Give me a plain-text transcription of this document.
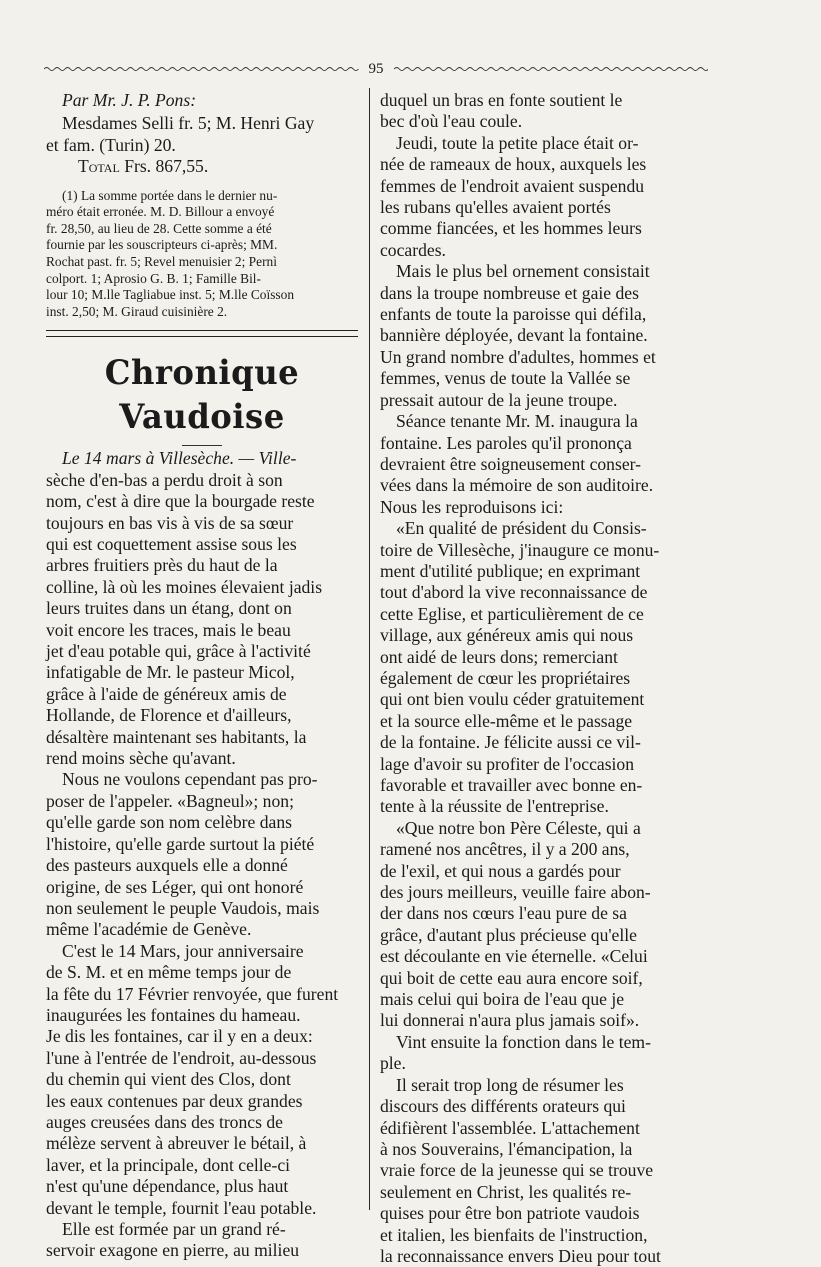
95
Par Mr. J. P. Pons:
Mesdames Selli fr. 5; M. Henri Gay
et fam. (Turin) 20.
Total Frs. 867,55.
(1) La somme portée dans le dernier nu-
méro était erronée. M. D. Billour a envoyé
fr. 28,50, au lieu de 28. Cette somme a été
fournie par les souscripteurs ci-après; MM.
Rochat past. fr. 5; Revel menuisier 2; Pernì
colport. 1; Aprosio G. B. 1; Famille Bil-
lour 10; M.lle Tagliabue inst. 5; M.lle Coïsson
inst. 2,50; M. Giraud cuisinière 2.
Chronique Vaudoise
Le 14 mars à Villesèche. — Ville-
sèche d'en-bas a perdu droit à son
nom, c'est à dire que la bourgade reste
toujours en bas vis à vis de sa sœur
qui est coquettement assise sous les
arbres fruitiers près du haut de la
colline, là où les moines élevaient jadis
leurs truites dans un étang, dont on
voit encore les traces, mais le beau
jet d'eau potable qui, grâce à l'activité
infatigable de Mr. le pasteur Micol,
grâce à l'aide de généreux amis de
Hollande, de Florence et d'ailleurs,
désaltère maintenant ses habitants, la
rend moins sèche qu'avant.
Nous ne voulons cependant pas pro-
poser de l'appeler. «Bagneul»; non;
qu'elle garde son nom celèbre dans
l'histoire, qu'elle garde surtout la piété
des pasteurs auxquels elle a donné
origine, de ses Léger, qui ont honoré
non seulement le peuple Vaudois, mais
même l'académie de Genève.
C'est le 14 Mars, jour anniversaire
de S. M. et en même temps jour de
la fête du 17 Février renvoyée, que furent
inaugurées les fontaines du hameau.
Je dis les fontaines, car il y en a deux:
l'une à l'entrée de l'endroit, au-dessous
du chemin qui vient des Clos, dont
les eaux contenues par deux grandes
auges creusées dans des troncs de
mélèze servent à abreuver le bétail, à
laver, et la principale, dont celle-ci
n'est qu'une dépendance, plus haut
devant le temple, fournit l'eau potable.
Elle est formée par un grand ré-
servoir exagone en pierre, au milieu
duquel un bras en fonte soutient le
bec d'où l'eau coule.
Jeudi, toute la petite place était or-
née de rameaux de houx, auxquels les
femmes de l'endroit avaient suspendu
les rubans qu'elles avaient portés
comme fiancées, et les hommes leurs
cocardes.
Mais le plus bel ornement consistait
dans la troupe nombreuse et gaie des
enfants de toute la paroisse qui défila,
bannière déployée, devant la fontaine.
Un grand nombre d'adultes, hommes et
femmes, venus de toute la Vallée se
pressait autour de la jeune troupe.
Séance tenante Mr. M. inaugura la
fontaine. Les paroles qu'il prononça
devraient être soigneusement conser-
vées dans la mémoire de son auditoire.
Nous les reproduisons ici:
«En qualité de président du Consis-
toire de Villesèche, j'inaugure ce monu-
ment d'utilité publique; en exprimant
tout d'abord la vive reconnaissance de
cette Eglise, et particulièrement de ce
village, aux généreux amis qui nous
ont aidé de leurs dons; remerciant
également de cœur les propriétaires
qui ont bien voulu céder gratuitement
et la source elle-même et le passage
de la fontaine. Je félicite aussi ce vil-
lage d'avoir su profiter de l'occasion
favorable et travailler avec bonne en-
tente à la réussite de l'entreprise.
«Que notre bon Père Céleste, qui a
ramené nos ancêtres, il y a 200 ans,
de l'exil, et qui nous a gardés pour
des jours meilleurs, veuille faire abon-
der dans nos cœurs l'eau pure de sa
grâce, d'autant plus précieuse qu'elle
est découlante en vie éternelle. «Celui
qui boit de cette eau aura encore soif,
mais celui qui boira de l'eau que je
lui donnerai n'aura plus jamais soif».
Vint ensuite la fonction dans le tem-
ple.
Il serait trop long de résumer les
discours des différents orateurs qui
édifièrent l'assemblée. L'attachement
à nos Souverains, l'émancipation, la
vraie force de la jeunesse qui se trouve
seulement en Christ, les qualités re-
quises pour être bon patriote vaudois
et italien, les bienfaits de l'instruction,
la reconnaissance envers Dieu pour tout
